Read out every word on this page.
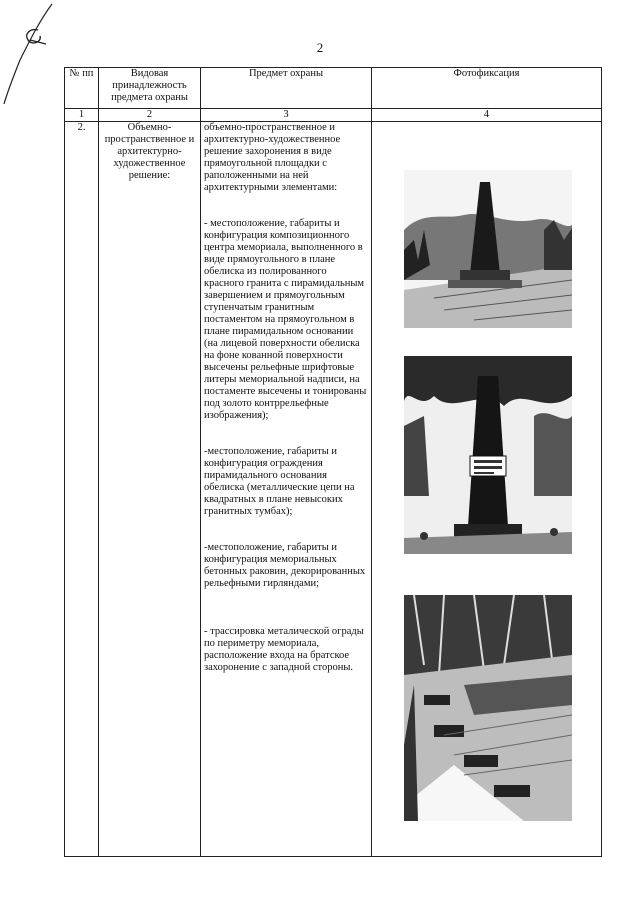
2
№ пп	Видовая принадлежность предмета охраны	Предмет охраны	Фотофиксация
1	2	3	4
2.	Объемно-пространственное и архитектурно-художественное решение:	объемно-пространственное и архитектурно-художественное решение захоронения в виде прямоугольной площадки с раположенными на ней архитектурными элементами:

- местоположение, габариты и конфигурация композиционного центра мемориала, выполненного в виде прямоугольного в плане обелиска из полированного красного гранита с пирамидальным завершением и прямоугольным ступенчатым гранитным постаментом на прямоугольном в плане пирамидальном основании (на лицевой поверхности обелиска на фоне кованной поверхности высечены рельефные шрифтовые литеры мемориальной надписи, на постаменте высечены и тонированы под золото контррельефные изображения);

-местоположение, габариты и конфигурация ограждения пирамидального основания обелиска (металлические цепи на квадратных в плане невысоких гранитных тумбах);

-местоположение, габариты и конфигурация мемориальных бетонных раковин, декорированных рельефными гирляндами;

- трассировка металической ограды по периметру мемориала, расположение входа на братское захоронение с западной стороны.
